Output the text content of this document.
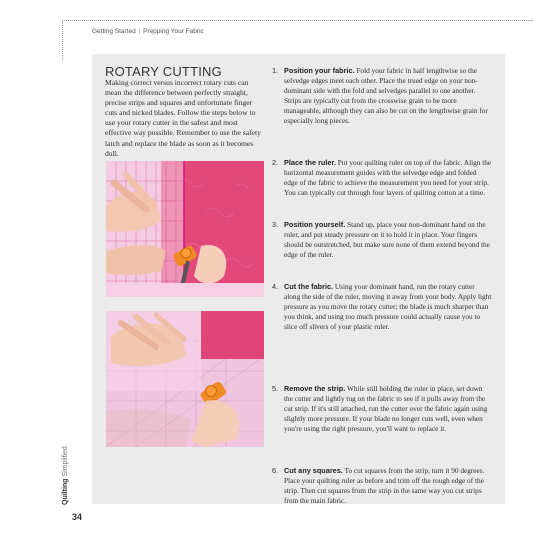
Getting Started | Prepping Your Fabric
ROTARY CUTTING
Making correct versus incorrect rotary cuts can mean the difference between perfectly straight, precise strips and squares and unfortunate finger cuts and nicked blades. Follow the steps below to use your rotary cutter in the safest and most effective way possible. Remember to use the safety latch and replace the blade as soon as it becomes dull.
1. Position your fabric. Fold your fabric in half lengthwise so the selvedge edges meet each other. Place the trued edge on your non-dominant side with the fold and selvedges parallel to one another. Strips are typically cut from the crosswise grain to be more manageable, although they can also be cut on the lengthwise grain for especially long pieces.
2. Place the ruler. Put your quilting ruler on top of the fabric. Align the horizontal measurement guides with the selvedge edge and folded edge of the fabric to achieve the measurement you need for your strip. You can typically cut through four layers of quilting cotton at a time.
3. Position yourself. Stand up, place your non-dominant hand on the ruler, and put steady pressure on it to hold it in place. Your fingers should be outstretched, but make sure none of them extend beyond the edge of the ruler.
4. Cut the fabric. Using your dominant hand, run the rotary cutter along the side of the ruler, moving it away from your body. Apply light pressure as you move the rotary cutter; the blade is much sharper than you think, and using too much pressure could actually cause you to slice off slivers of your plastic ruler.
5. Remove the strip. While still holding the ruler in place, set down the cutter and lightly tug on the fabric to see if it pulls away from the cut strip. If it's still attached, run the cutter over the fabric again using slightly more pressure. If your blade no longer cuts well, even when you're using the right pressure, you'll want to replace it.
6. Cut any squares. To cut squares from the strip, turn it 90 degrees. Place your quilting ruler as before and trim off the rough edge of the strip. Then cut squares from the strip in the same way you cut strips from the main fabric.
Quilting Simplified
34
